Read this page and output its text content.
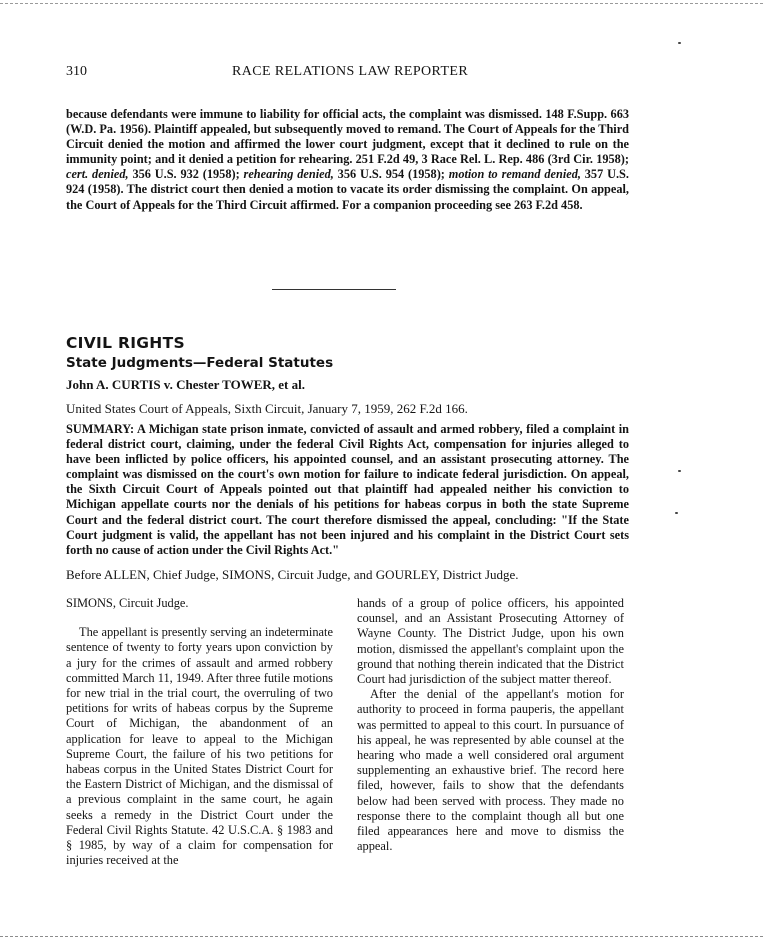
310	RACE RELATIONS LAW REPORTER

because defendants were immune to liability for official acts, the complaint was dismissed. 148 F.Supp. 663 (W.D. Pa. 1956). Plaintiff appealed, but subsequently moved to remand. The Court of Appeals for the Third Circuit denied the motion and affirmed the lower court judgment, except that it declined to rule on the immunity point; and it denied a petition for rehearing. 251 F.2d 49, 3 Race Rel. L. Rep. 486 (3rd Cir. 1958); cert. denied, 356 U.S. 932 (1958); rehearing denied, 356 U.S. 954 (1958); motion to remand denied, 357 U.S. 924 (1958). The district court then denied a motion to vacate its order dismissing the complaint. On appeal, the Court of Appeals for the Third Circuit affirmed. For a companion proceeding see 263 F.2d 458.

CIVIL RIGHTS
State Judgments—Federal Statutes

John A. CURTIS v. Chester TOWER, et al.

United States Court of Appeals, Sixth Circuit, January 7, 1959, 262 F.2d 166.

SUMMARY: A Michigan state prison inmate, convicted of assault and armed robbery, filed a complaint in federal district court, claiming, under the federal Civil Rights Act, compensation for injuries alleged to have been inflicted by police officers, his appointed counsel, and an assistant prosecuting attorney. The complaint was dismissed on the court's own motion for failure to indicate federal jurisdiction. On appeal, the Sixth Circuit Court of Appeals pointed out that plaintiff had appealed neither his conviction to Michigan appellate courts nor the denials of his petitions for habeas corpus in both the state Supreme Court and the federal district court. The court therefore dismissed the appeal, concluding: "If the State Court judgment is valid, the appellant has not been injured and his complaint in the District Court sets forth no cause of action under the Civil Rights Act."

Before ALLEN, Chief Judge, SIMONS, Circuit Judge, and GOURLEY, District Judge.

SIMONS, Circuit Judge.

The appellant is presently serving an indeterminate sentence of twenty to forty years upon conviction by a jury for the crimes of assault and armed robbery committed March 11, 1949. After three futile motions for new trial in the trial court, the overruling of two petitions for writs of habeas corpus by the Supreme Court of Michigan, the abandonment of an application for leave to appeal to the Michigan Supreme Court, the failure of his two petitions for habeas corpus in the United States District Court for the Eastern District of Michigan, and the dismissal of a previous complaint in the same court, he again seeks a remedy in the District Court under the Federal Civil Rights Statute. 42 U.S.C.A. § 1983 and § 1985, by way of a claim for compensation for injuries received at the

hands of a group of police officers, his appointed counsel, and an Assistant Prosecuting Attorney of Wayne County. The District Judge, upon his own motion, dismissed the appellant's complaint upon the ground that nothing therein indicated that the District Court had jurisdiction of the subject matter thereof.

After the denial of the appellant's motion for authority to proceed in forma pauperis, the appellant was permitted to appeal to this court. In pursuance of his appeal, he was represented by able counsel at the hearing who made a well considered oral argument supplementing an exhaustive brief. The record here filed, however, fails to show that the defendants below had been served with process. They made no response there to the complaint though all but one filed appearances here and move to dismiss the appeal.
